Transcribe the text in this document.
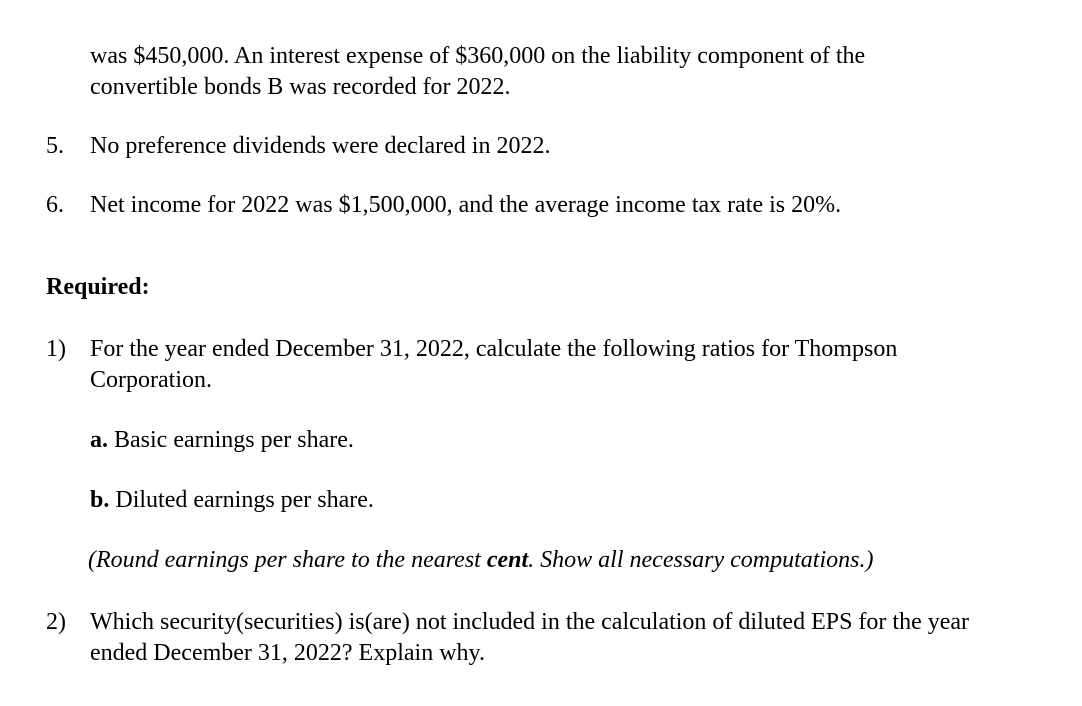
was $450,000. An interest expense of $360,000 on the liability component of the
convertible bonds B was recorded for 2022.
5. No preference dividends were declared in 2022.
6. Net income for 2022 was $1,500,000, and the average income tax rate is 20%.
Required:
1) For the year ended December 31, 2022, calculate the following ratios for Thompson
Corporation.
a. Basic earnings per share.
b. Diluted earnings per share.
(Round earnings per share to the nearest cent. Show all necessary computations.)
2) Which security(securities) is(are) not included in the calculation of diluted EPS for the year
ended December 31, 2022? Explain why.
